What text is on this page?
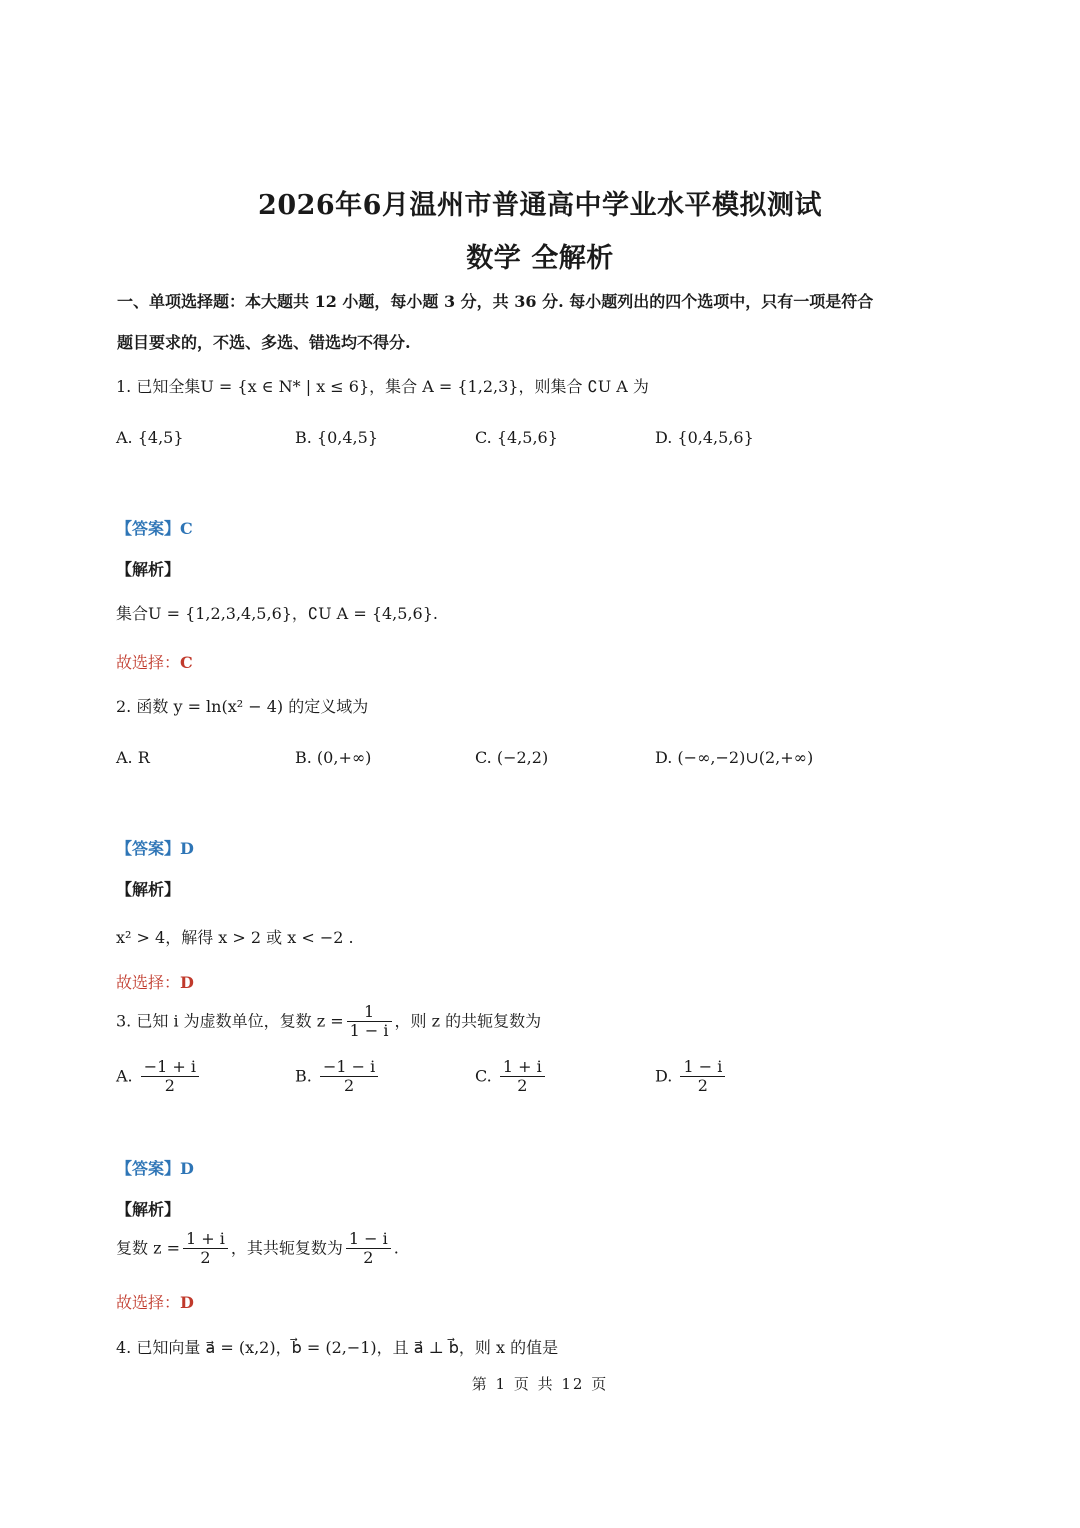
2026年6月温州市普通高中学业水平模拟测试
数学 全解析
一、单项选择题：本大题共 12 小题，每小题 3 分，共 36 分. 每小题列出的四个选项中，只有一项是符合
题目要求的，不选、多选、错选均不得分.
1. 已知全集U = {x ∈ N* | x ≤ 6}，集合 A = {1,2,3}，则集合 ∁U A 为
A. {4,5}	B. {0,4,5}	C. {4,5,6}	D. {0,4,5,6}
【答案】C
【解析】
集合U = {1,2,3,4,5,6}，∁U A = {4,5,6}.
故选择：C
2. 函数 y = ln(x² − 4) 的定义域为
A. R	B. (0,+∞)	C. (−2,2)	D. (−∞,−2)∪(2,+∞)
【答案】D
【解析】
x² > 4，解得 x > 2 或 x < −2 .
故选择：D
3. 已知 i 为虚数单位，复数 $z = \frac{1}{1 - i}$ ，则 z 的共轭复数为
A. $\frac{-1 + i}{2}$	B. $\frac{-1 - i}{2}$	C. $\frac{1 + i}{2}$	D. $\frac{1 - i}{2}$
【答案】D
【解析】
复数 $z = \frac{1 + i}{2}$ ，其共轭复数为 $\frac{1 - i}{2}$ .
故选择：D
4. 已知向量 a⃗ = (x,2)，b⃗ = (2,−1)，且 a⃗ ⊥ b⃗，则 x 的值是
第 1 页 共 12 页
